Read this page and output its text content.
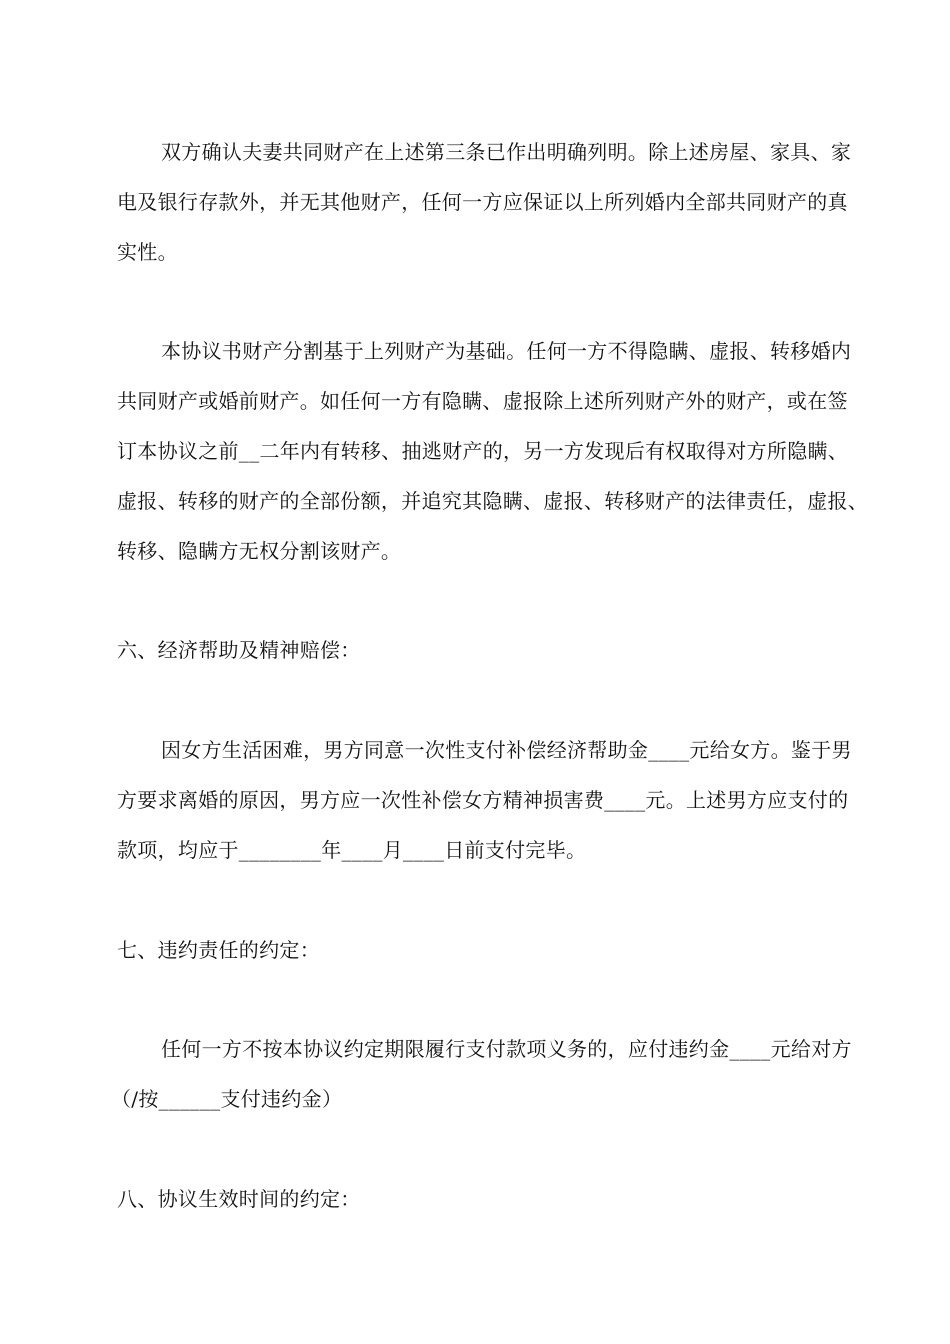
双方确认夫妻共同财产在上述第三条已作出明确列明。除上述房屋、家具、家
电及银行存款外，并无其他财产，任何一方应保证以上所列婚内全部共同财产的真
实性。
本协议书财产分割基于上列财产为基础。任何一方不得隐瞒、虚报、转移婚内
共同财产或婚前财产。如任何一方有隐瞒、虚报除上述所列财产外的财产，或在签
订本协议之前__二年内有转移、抽逃财产的，另一方发现后有权取得对方所隐瞒、
虚报、转移的财产的全部份额，并追究其隐瞒、虚报、转移财产的法律责任，虚报、
转移、隐瞒方无权分割该财产。
六、经济帮助及精神赔偿：
因女方生活困难，男方同意一次性支付补偿经济帮助金____元给女方。鉴于男
方要求离婚的原因，男方应一次性补偿女方精神损害费____元。上述男方应支付的
款项，均应于________年____月____日前支付完毕。
七、违约责任的约定：
任何一方不按本协议约定期限履行支付款项义务的，应付违约金____元给对方
（/按______支付违约金）
八、协议生效时间的约定：
